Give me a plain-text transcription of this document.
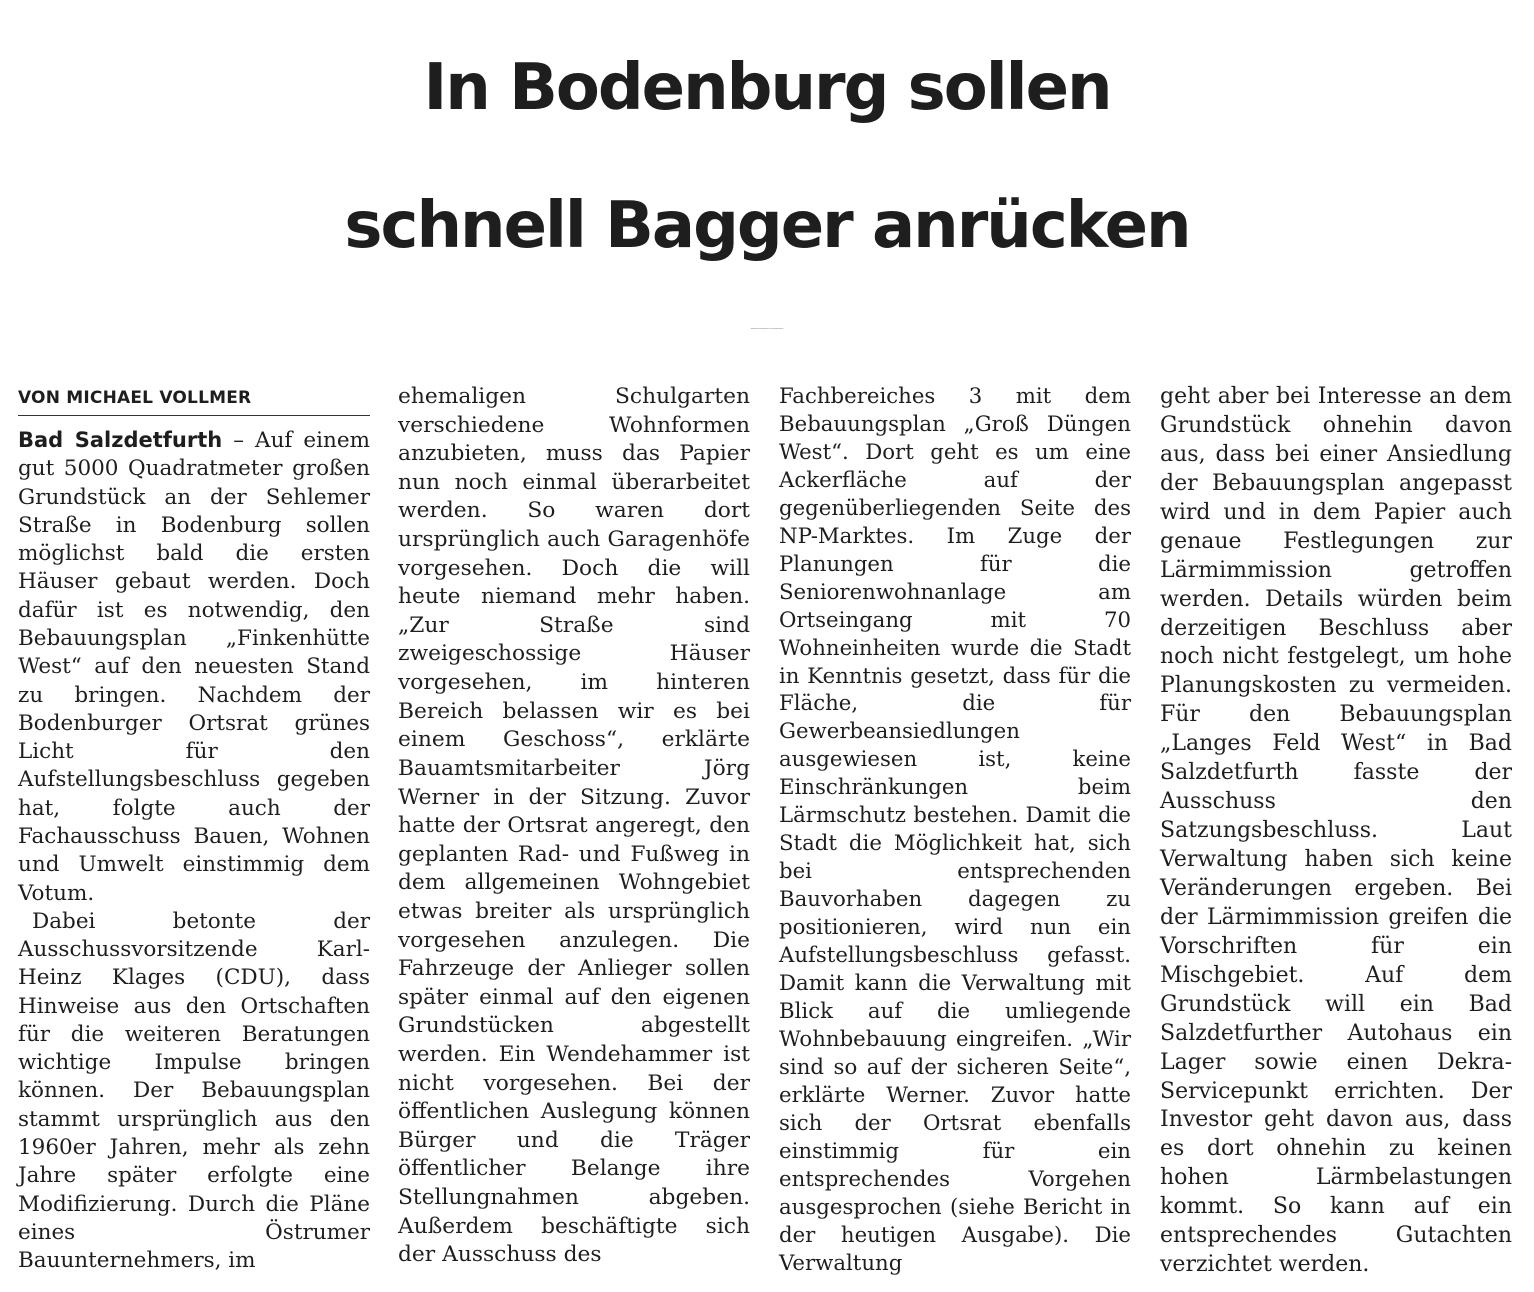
In Bodenburg sollen
schnell Bagger anrücken
Bauausschuss beschäftigt sich mit drei Bebauungsplänen
VON MICHAEL VOLLMER

Bad Salzdetfurth – Auf einem gut 5000 Quadratmeter großen Grundstück an der Sehlemer Straße in Bodenburg sollen möglichst bald die ersten Häuser gebaut werden. Doch dafür ist es notwendig, den Bebauungsplan „Finkenhütte West“ auf den neuesten Stand zu bringen. Nachdem der Bodenburger Ortsrat grünes Licht für den Aufstellungsbeschluss gegeben hat, folgte auch der Fachausschuss Bauen, Wohnen und Umwelt einstimmig dem Votum.

Dabei betonte der Ausschussvorsitzende Karl-Heinz Klages (CDU), dass Hinweise aus den Ortschaften für die weiteren Beratungen wichtige Impulse bringen können. Der Bebauungsplan stammt ursprünglich aus den 1960er Jahren, mehr als zehn Jahre später erfolgte eine Modifizierung. Durch die Pläne eines Östrumer Bauunternehmers, im

ehemaligen Schulgarten verschiedene Wohnformen anzubieten, muss das Papier nun noch einmal überarbeitet werden. So waren dort ursprünglich auch Garagenhöfe vorgesehen. Doch die will heute niemand mehr haben. „Zur Straße sind zweigeschossige Häuser vorgesehen, im hinteren Bereich belassen wir es bei einem Geschoss“, erklärte Bauamtsmitarbeiter Jörg Werner in der Sitzung. Zuvor hatte der Ortsrat angeregt, den geplanten Rad- und Fußweg in dem allgemeinen Wohngebiet etwas breiter als ursprünglich vorgesehen anzulegen. Die Fahrzeuge der Anlieger sollen später einmal auf den eigenen Grundstücken abgestellt werden. Ein Wendehammer ist nicht vorgesehen. Bei der öffentlichen Auslegung können Bürger und die Träger öffentlicher Belange ihre Stellungnahmen abgeben. Außerdem beschäftigte sich der Ausschuss des

Fachbereiches 3 mit dem Bebauungsplan „Groß Düngen West“. Dort geht es um eine Ackerfläche auf der gegenüberliegenden Seite des NP-Marktes. Im Zuge der Planungen für die Seniorenwohnanlage am Ortseingang mit 70 Wohneinheiten wurde die Stadt in Kenntnis gesetzt, dass für die Fläche, die für Gewerbeansiedlungen ausgewiesen ist, keine Einschränkungen beim Lärmschutz bestehen. Damit die Stadt die Möglichkeit hat, sich bei entsprechenden Bauvorhaben dagegen zu positionieren, wird nun ein Aufstellungsbeschluss gefasst. Damit kann die Verwaltung mit Blick auf die umliegende Wohnbebauung eingreifen. „Wir sind so auf der sicheren Seite“, erklärte Werner. Zuvor hatte sich der Ortsrat ebenfalls einstimmig für ein entsprechendes Vorgehen ausgesprochen (siehe Bericht in der heutigen Ausgabe). Die Verwaltung

geht aber bei Interesse an dem Grundstück ohnehin davon aus, dass bei einer Ansiedlung der Bebauungsplan angepasst wird und in dem Papier auch genaue Festlegungen zur Lärmimmission getroffen werden. Details würden beim derzeitigen Beschluss aber noch nicht festgelegt, um hohe Planungskosten zu vermeiden. Für den Bebauungsplan „Langes Feld West“ in Bad Salzdetfurth fasste der Ausschuss den Satzungsbeschluss. Laut Verwaltung haben sich keine Veränderungen ergeben. Bei der Lärmimmission greifen die Vorschriften für ein Mischgebiet. Auf dem Grundstück will ein Bad Salzdetfurther Autohaus ein Lager sowie einen Dekra-Servicepunkt errichten. Der Investor geht davon aus, dass es dort ohnehin zu keinen hohen Lärmbelastungen kommt. So kann auf ein entsprechendes Gutachten verzichtet werden.
